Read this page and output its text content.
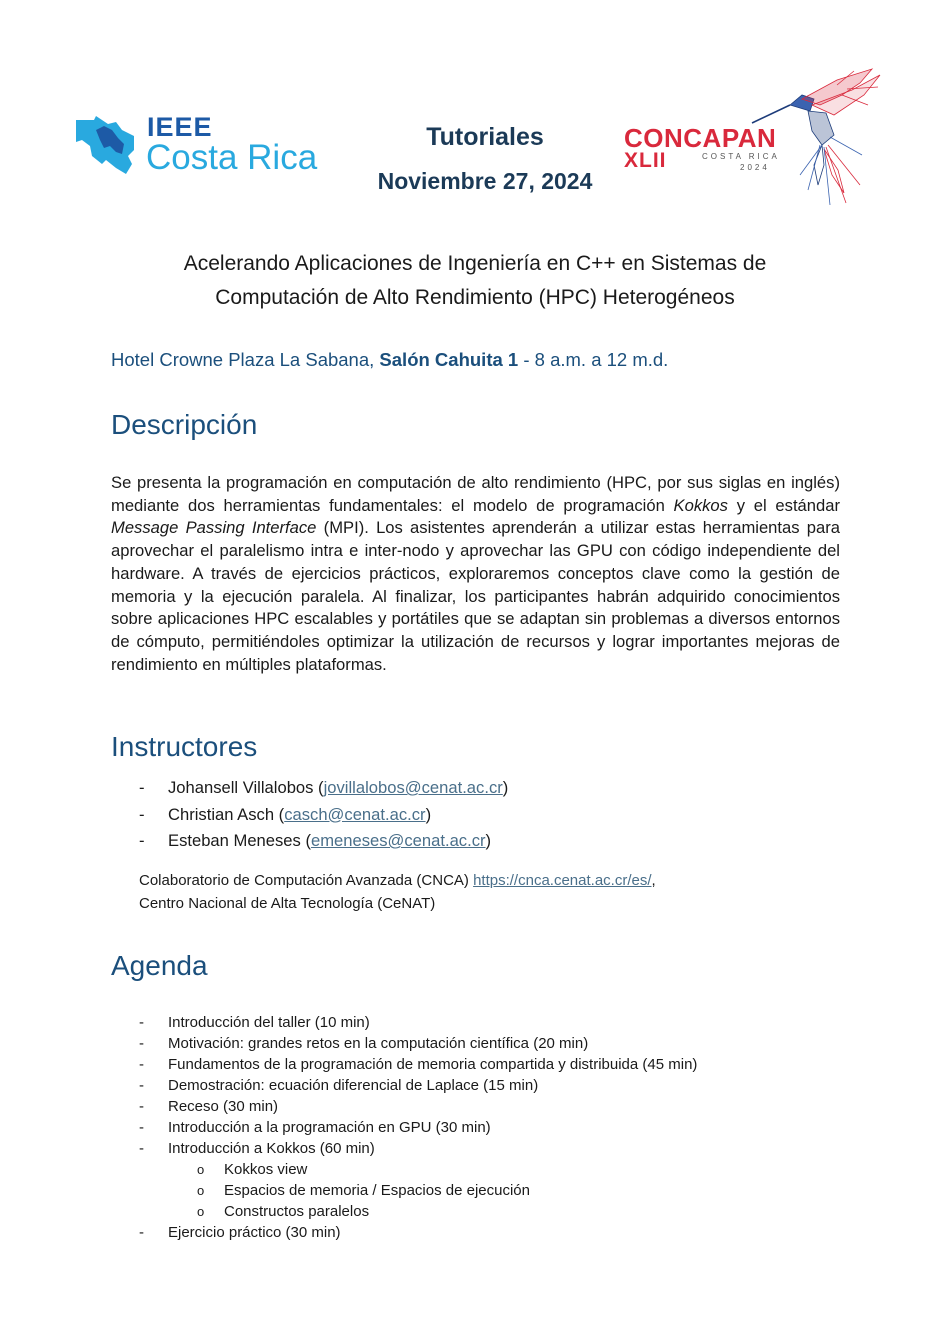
IEEE
Costa Rica
Tutoriales
Noviembre 27, 2024
CONCAPAN
XLII	COSTA RICA
2024
Acelerando Aplicaciones de Ingeniería en C++ en Sistemas de
Computación de Alto Rendimiento (HPC) Heterogéneos
Hotel Crowne Plaza La Sabana, Salón Cahuita 1 - 8 a.m. a 12 m.d.
Descripción

Se presenta la programación en computación de alto rendimiento (HPC, por sus siglas en inglés) mediante dos herramientas fundamentales: el modelo de programación Kokkos y el estándar Message Passing Interface (MPI). Los asistentes aprenderán a utilizar estas herramientas para aprovechar el paralelismo intra e inter-nodo y aprovechar las GPU con código independiente del hardware. A través de ejercicios prácticos, exploraremos conceptos clave como la gestión de memoria y la ejecución paralela. Al finalizar, los participantes habrán adquirido conocimientos sobre aplicaciones HPC escalables y portátiles que se adaptan sin problemas a diversos entornos de cómputo, permitiéndoles optimizar la utilización de recursos y lograr importantes mejoras de rendimiento en múltiples plataformas.

Instructores
- Johansell Villalobos (jovillalobos@cenat.ac.cr)
- Christian Asch (casch@cenat.ac.cr)
- Esteban Meneses (emeneses@cenat.ac.cr)
Colaboratorio de Computación Avanzada (CNCA) https://cnca.cenat.ac.cr/es/,
Centro Nacional de Alta Tecnología (CeNAT)
Agenda
- Introducción del taller (10 min)
- Motivación: grandes retos en la computación científica (20 min)
- Fundamentos de la programación de memoria compartida y distribuida (45 min)
- Demostración: ecuación diferencial de Laplace (15 min)
- Receso (30 min)
- Introducción a la programación en GPU (30 min)
- Introducción a Kokkos (60 min)
o Kokkos view
o Espacios de memoria / Espacios de ejecución
o Constructos paralelos
- Ejercicio práctico (30 min)
